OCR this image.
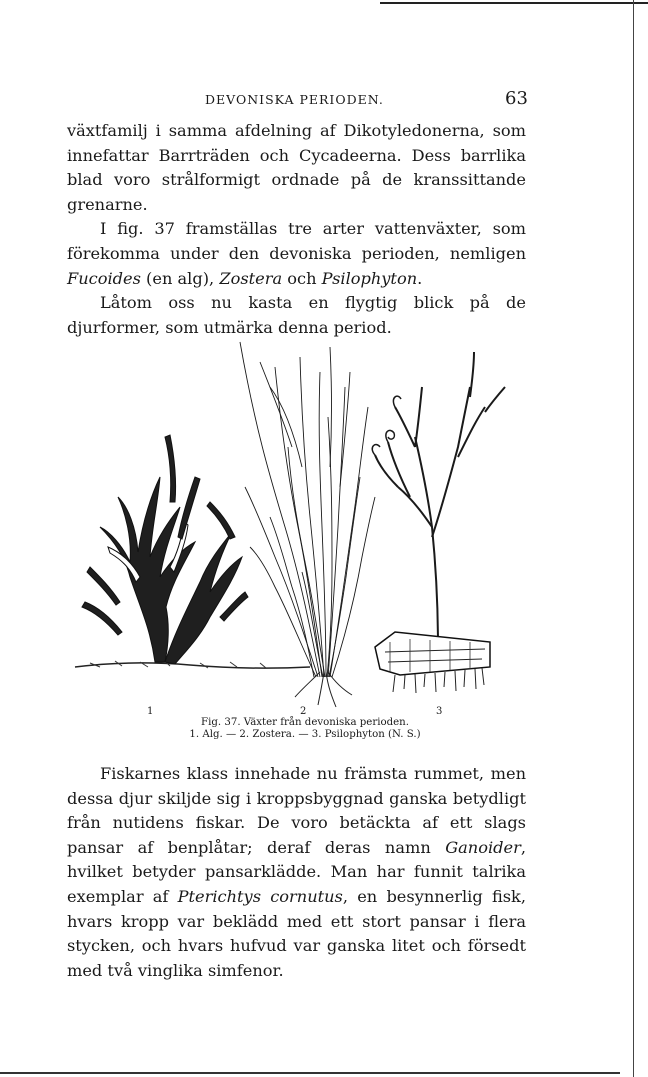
DEVONISKA PERIODEN.	63

växtfamilj i samma afdelning af Dikotyledonerna, som innefattar Barrträden och Cycadeerna. Dess barrlika blad voro strålformigt ordnade på de kranssittande grenarne.

I fig. 37 framställas tre arter vattenväxter, som förekomma under den devoniska perioden, nemligen Fucoides (en alg), Zostera och Psilophyton.

Låtom oss nu kasta en flygtig blick på de djurformer, som utmärka denna period.

1	2	3
Fig. 37. Växter från devoniska perioden.
1. Alg. — 2. Zostera. — 3. Psilophyton (N. S.)

Fiskarnes klass innehade nu främsta rummet, men dessa djur skiljde sig i kroppsbyggnad ganska betydligt från nutidens fiskar. De voro betäckta af ett slags pansar af benplåtar; deraf deras namn Ganoider, hvilket betyder pansarklädde. Man har funnit talrika exemplar af Pterichtys cornutus, en besynnerlig fisk, hvars kropp var beklädd med ett stort pansar i flera stycken, och hvars hufvud var ganska litet och försedt med två vinglika simfenor.
